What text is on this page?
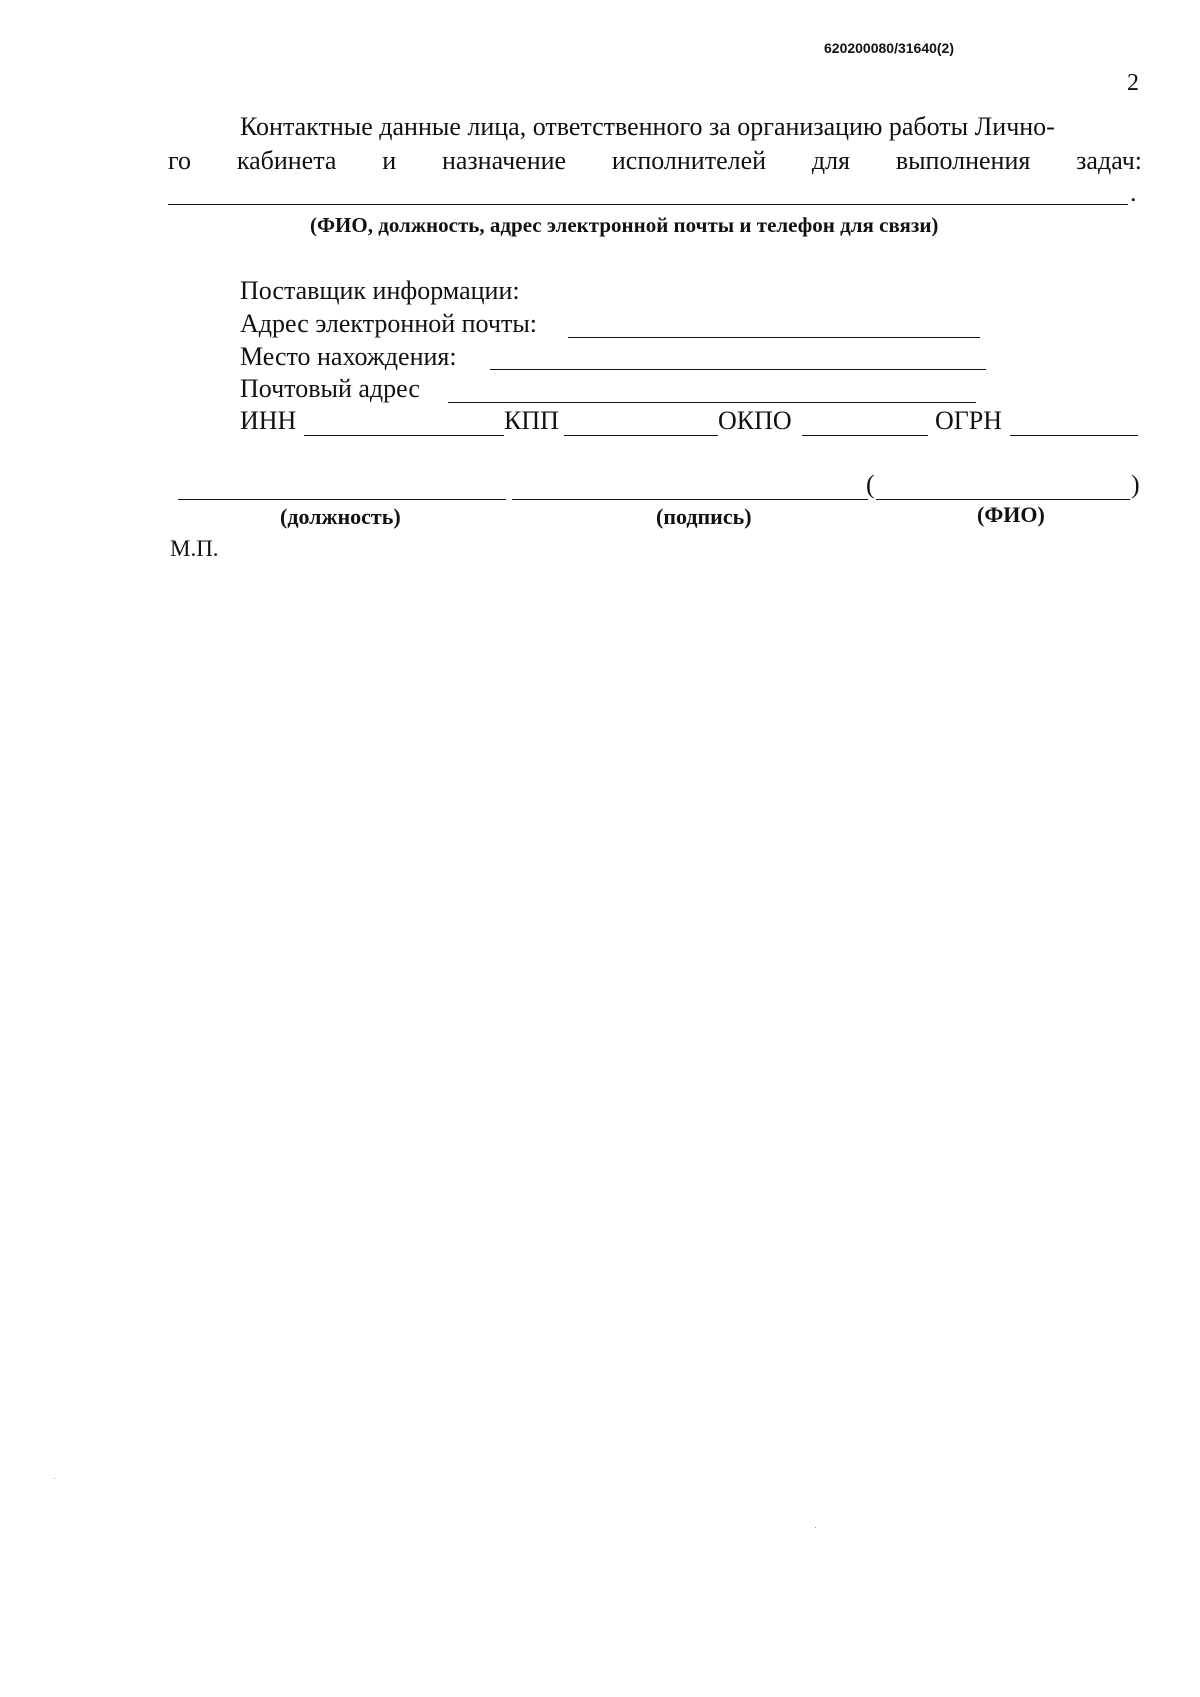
620200080/31640(2)
2
Контактные данные лица, ответственного за организацию работы Лично-
го кабинета и назначение исполнителей для выполнения задач:
.
(ФИО, должность, адрес электронной почты и телефон для связи)
Поставщик информации:
Адрес электронной почты:
Место нахождения:
Почтовый адрес
ИНН	КПП	ОКПО	ОГРН
(	)
(должность)	(подпись)	(ФИО)
М.П.
